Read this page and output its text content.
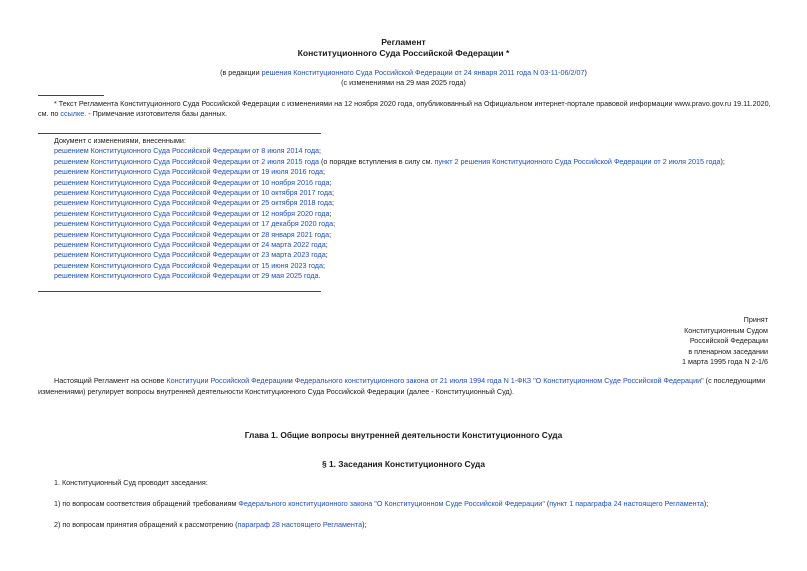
Регламент
Конституционного Суда Российской Федерации *
(в редакции решения Конституционного Суда Российской Федерации от 24 января 2011 года N 03-11-06/2/07)
(с изменениями на 29 мая 2025 года)
* Текст Регламента Конституционного Суда Российской Федерации с изменениями на 12 ноября 2020 года, опубликованный на Официальном интернет-портале правовой информации www.pravo.gov.ru 19.11.2020,
см. по ссылке. - Примечание изготовителя базы данных.
Документ с изменениями, внесенными:
решением Конституционного Суда Российской Федерации от 8 июля 2014 года;
решением Конституционного Суда Российской Федерации от 2 июля 2015 года (о порядке вступления в силу см. пункт 2 решения Конституционного Суда Российской Федерации от 2 июля 2015 года);
решением Конституционного Суда Российской Федерации от 19 июля 2016 года;
решением Конституционного Суда Российской Федерации от 10 ноября 2016 года;
решением Конституционного Суда Российской Федерации от 10 октября 2017 года;
решением Конституционного Суда Российской Федерации от 25 октября 2018 года;
решением Конституционного Суда Российской Федерации от 12 ноября 2020 года;
решением Конституционного Суда Российской Федерации от 17 декабря 2020 года;
решением Конституционного Суда Российской Федерации от 28 января 2021 года;
решением Конституционного Суда Российской Федерации от 24 марта 2022 года;
решением Конституционного Суда Российской Федерации от 23 марта 2023 года;
решением Конституционного Суда Российской Федерации от 15 июня 2023 года;
решением Конституционного Суда Российской Федерации от 29 мая 2025 года.
Принят
Конституционным Судом
Российской Федерации
в пленарном заседании
1 марта 1995 года N 2-1/6
Настоящий Регламент на основе Конституции Российской Федерациии Федерального конституционного закона от 21 июля 1994 года N 1-ФКЗ "О Конституционном Суде Российской Федерации" (с последующими изменениями) регулирует вопросы внутренней деятельности Конституционного Суда Российской Федерации (далее - Конституционный Суд).
Глава 1. Общие вопросы внутренней деятельности Конституционного Суда
§ 1. Заседания Конституционного Суда
1. Конституционный Суд проводит заседания:
1) по вопросам соответствия обращений требованиям Федерального конституционного закона "О Конституционном Суде Российской Федерации" (пункт 1 параграфа 24 настоящего Регламента);
2) по вопросам принятия обращений к рассмотрению (параграф 28 настоящего Регламента);
